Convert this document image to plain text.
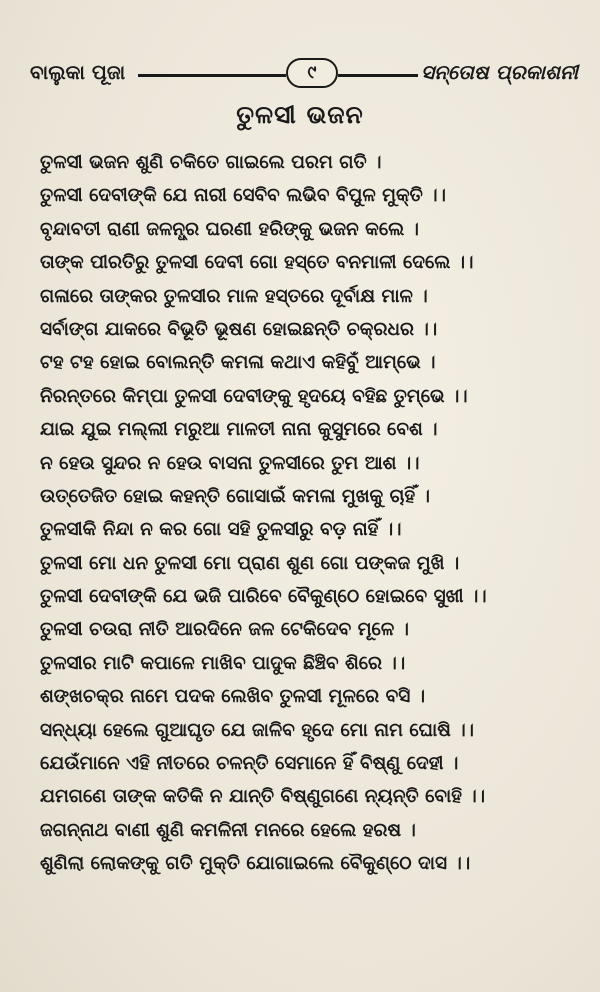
ବାଲୁକା ପୂଜା	୯	ସନ୍ତୋଷ ପ୍ରକାଶନୀ
ତୁଳସୀ ଭଜନ
ତୁଳସୀ ଭଜନ ଶୁଣି ଚକିତେ ଗାଇଲେ ପରମ ଗତି ।
ତୁଳସୀ ଦେବୀଙ୍କି ଯେ ନାରୀ ସେବିବ ଲଭିବ ବିପୁଳ ମୁକ୍ତି ।।
ବୃନ୍ଦାବତୀ ରାଣୀ ଜଳନ୍ଧ୍ର ଘରଣୀ ହରିଙ୍କୁ ଭଜନ କଲେ ।
ତାଙ୍କ ପୀରତିରୁ ତୁଳସୀ ଦେବୀ ଗୋ ହସ୍ତେ ବନମାଳୀ ଦେଲେ ।।
ଗଳାରେ ତାଙ୍କର ତୁଳସୀର ମାଳ ହସ୍ତରେ ଦୂର୍ବାକ୍ଷ ମାଳ ।
ସର୍ବାଙ୍ଗ ଯାକରେ ବିଭୂତି ଭୂଷଣ ହୋଇଛନ୍ତି ଚକ୍ରଧର ।।
ଟହ ଟହ ହୋଇ ବୋଲନ୍ତି କମଳା କଥାଏ କହିବୁଁ ଆମ୍ଭେ ।
ନିରନ୍ତରେ କିମ୍ପା ତୁଳସୀ ଦେବୀଙ୍କୁ ହୃଦୟେ ବହିଛ ତୁମ୍ଭେ ।।
ଯାଇ ଯୁଇ ମଲ୍ଲୀ ମରୁଆ ମାଳତୀ ନାନା କୁସୁମରେ ବେଶ ।
ନ ହେଉ ସୁନ୍ଦର ନ ହେଉ ବାସନା ତୁଳସୀରେ ତୁମ ଆଶ ।।
ଉତ୍ତେଜିତ ହୋଇ କହନ୍ତି ଗୋସାଇଁ କମଳା ମୁଖକୁ ଚାହିଁ ।
ତୁଳସୀକି ନିନ୍ଦା ନ କର ଗୋ ସହି ତୁଳସୀରୁ ବଡ଼ ନାହିଁ ।।
ତୁଳସୀ ମୋ ଧନ ତୁଳସୀ ମୋ ପ୍ରାଣ ଶୁଣ ଗୋ ପଙ୍କଜ ମୁଖି ।
ତୁଳସୀ ଦେବୀଙ୍କି ଯେ ଭଜି ପାରିବେ ବୈକୁଣ୍ଠେ ହୋଇବେ ସୁଖୀ ।।
ତୁଳସୀ ଚଉରା ନୀତି ଆରଦିନେ ଜଳ ଟେକିଦେବ ମୂଳେ ।
ତୁଳସୀର ମାଟି କପାଳେ ମାଖିବ ପାଦୁକ ଛିଞ୍ଚିବ ଶିରେ ।।
ଶଙ୍ଖଚକ୍ର ନାମେ ପଦକ ଲେଖିବ ତୁଳସୀ ମୂଳରେ ବସି ।
ସନ୍ଧ୍ୟା ହେଲେ ଗୁଆଘୃତ ଯେ ଜାଳିବ ହୃଦେ ମୋ ନାମ ଘୋଷି ।।
ଯେଉଁମାନେ ଏହି ନୀତରେ ଚଳନ୍ତି ସେମାନେ ହିଁ ବିଷ୍ଣୁ ଦେହୀ ।
ଯମଗଣେ ତାଙ୍କ କତିକି ନ ଯାନ୍ତି ବିଷ୍ଣୁଗଣେ ନ୍ୟନ୍ତି ବୋହି ।।
ଜଗନ୍ନାଥ ବାଣୀ ଶୁଣି କମଳିନୀ ମନରେ ହେଲେ ହରଷ ।
ଶୁଣିଲା ଲୋକଙ୍କୁ ଗତି ମୁକ୍ତି ଯୋଗାଇଲେ ବୈକୁଣ୍ଠେ ଦାସ ।।
